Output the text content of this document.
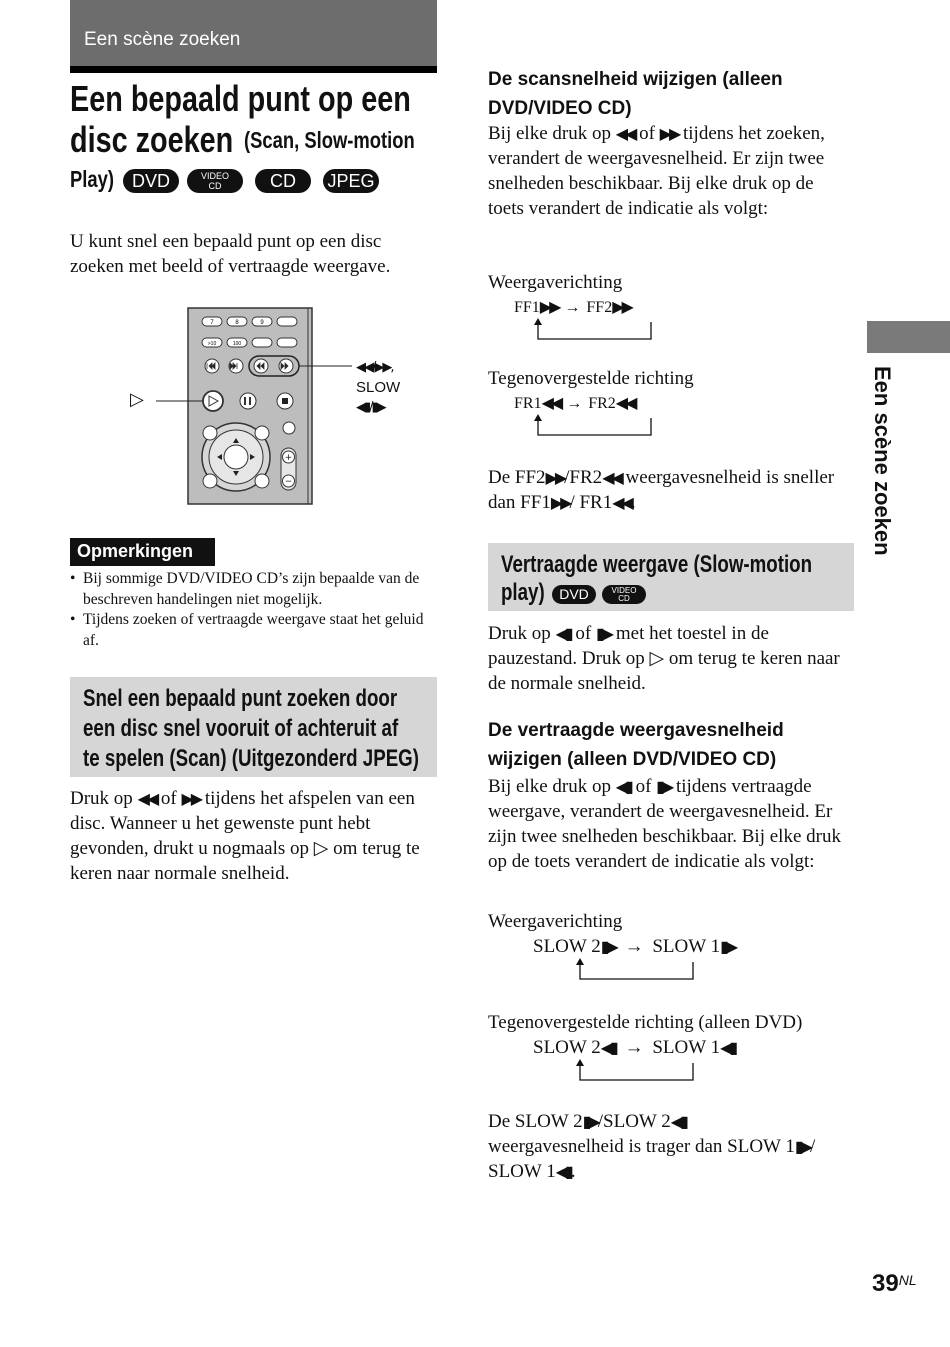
Een scène zoeken
Een bepaald punt op een
disc zoeken (Scan, Slow-motion
Play) DVD	VIDEO
CD	CD JPEG
U kunt snel een bepaald punt op een disc zoeken met beeld of vertraagde weergave.
7	8	9
>10	100
+
−
▷
◀◀/▶▶,
SLOW
◀▮/▮▶
Opmerkingen
• Bij sommige DVD/VIDEO CD’s zijn bepaalde van de beschreven handelingen niet mogelijk.
• Tijdens zoeken of vertraagde weergave staat het geluid af.
Snel een bepaald punt zoeken door
een disc snel vooruit of achteruit af
te spelen (Scan) (Uitgezonderd JPEG)
Druk op ◀◀ of ▶▶ tijdens het afspelen van een disc. Wanneer u het gewenste punt hebt gevonden, drukt u nogmaals op ▷ om terug te keren naar normale snelheid.
De scansnelheid wijzigen (alleen
DVD/VIDEO CD)
Bij elke druk op ◀◀ of ▶▶ tijdens het zoeken, verandert de weergavesnelheid. Er zijn twee snelheden beschikbaar. Bij elke druk op de toets verandert de indicatie als volgt:
Weergaverichting
FF1▶▶ → FF2▶▶
Tegenovergestelde richting
FR1◀◀ → FR2◀◀
De FF2▶▶/FR2◀◀ weergavesnelheid is sneller dan FF1▶▶/ FR1◀◀.
Vertraagde weergave (Slow-motion
play)	DVD	VIDEO
CD
Druk op ◀▮ of ▮▶ met het toestel in de pauzestand. Druk op ▷ om terug te keren naar de normale snelheid.
De vertraagde weergavesnelheid
wijzigen (alleen DVD/VIDEO CD)
Bij elke druk op ◀▮ of ▮▶ tijdens vertraagde weergave, verandert de weergavesnelheid. Er zijn twee snelheden beschikbaar. Bij elke druk op de toets verandert de indicatie als volgt:
Weergaverichting
SLOW 2▮▶ → SLOW 1▮▶
Tegenovergestelde richting (alleen DVD)
SLOW 2◀▮ → SLOW 1◀▮
De SLOW 2▮▶/SLOW 2◀▮
weergavesnelheid is trager dan SLOW 1▮▶/ SLOW 1◀▮.
Een scène zoeken
39NL
